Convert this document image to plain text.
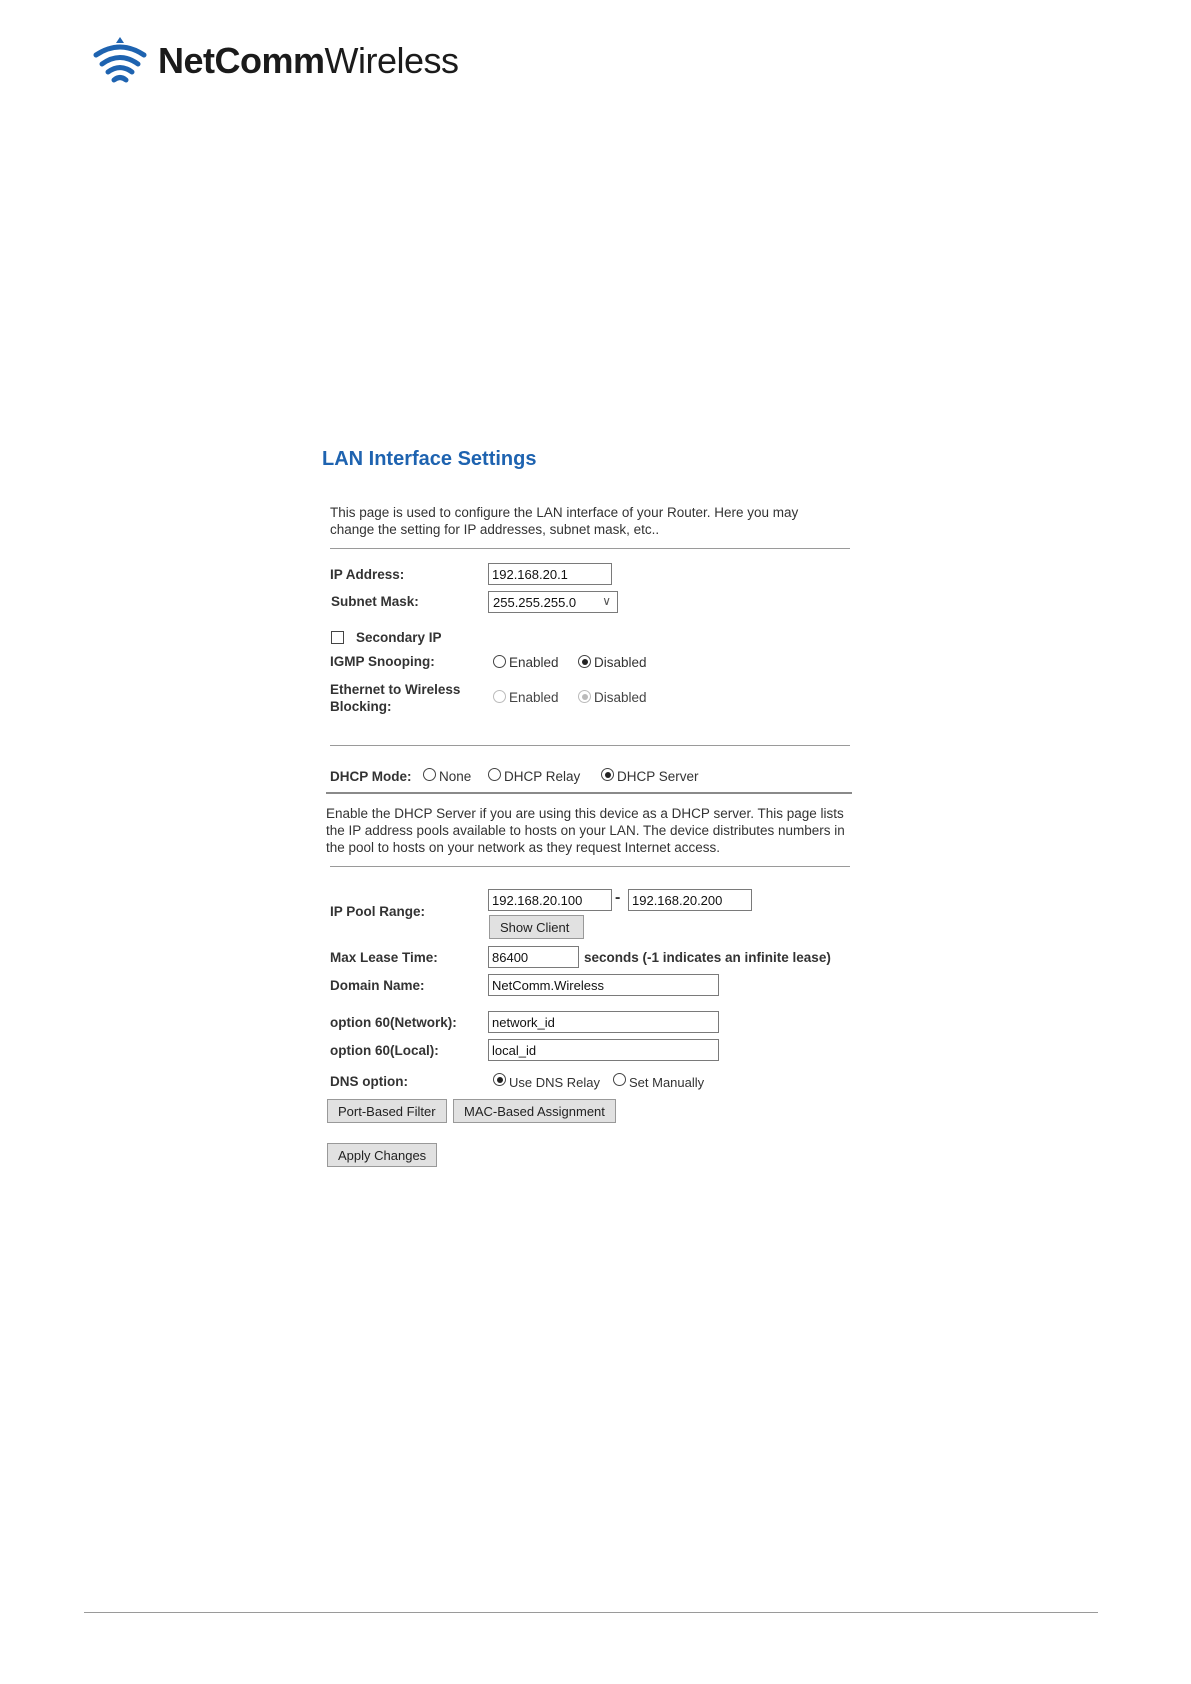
NetCommWireless
LAN Interface Settings
This page is used to configure the LAN interface of your Router. Here you may change the setting for IP addresses, subnet mask, etc..
IP Address:	192.168.20.1
Subnet Mask:	255.255.255.0 ∨
Secondary IP
IGMP Snooping:	Enabled	Disabled
Ethernet to Wireless
Blocking:
Enabled	Disabled
DHCP Mode: None DHCP Relay	DHCP Server
Enable the DHCP Server if you are using this device as a DHCP server. This page lists the IP address pools available to hosts on your LAN. The device distributes numbers in the pool to hosts on your network as they request Internet access.
IP Pool Range:
192.168.20.100	- 192.168.20.200
Show Client
Max Lease Time:	86400	seconds (-1 indicates an infinite lease)
Domain Name:	NetComm.Wireless
option 60(Network):	network_id
option 60(Local):	local_id
DNS option:	Use DNS Relay Set Manually
Port-Based Filter	MAC-Based Assignment
Apply Changes
